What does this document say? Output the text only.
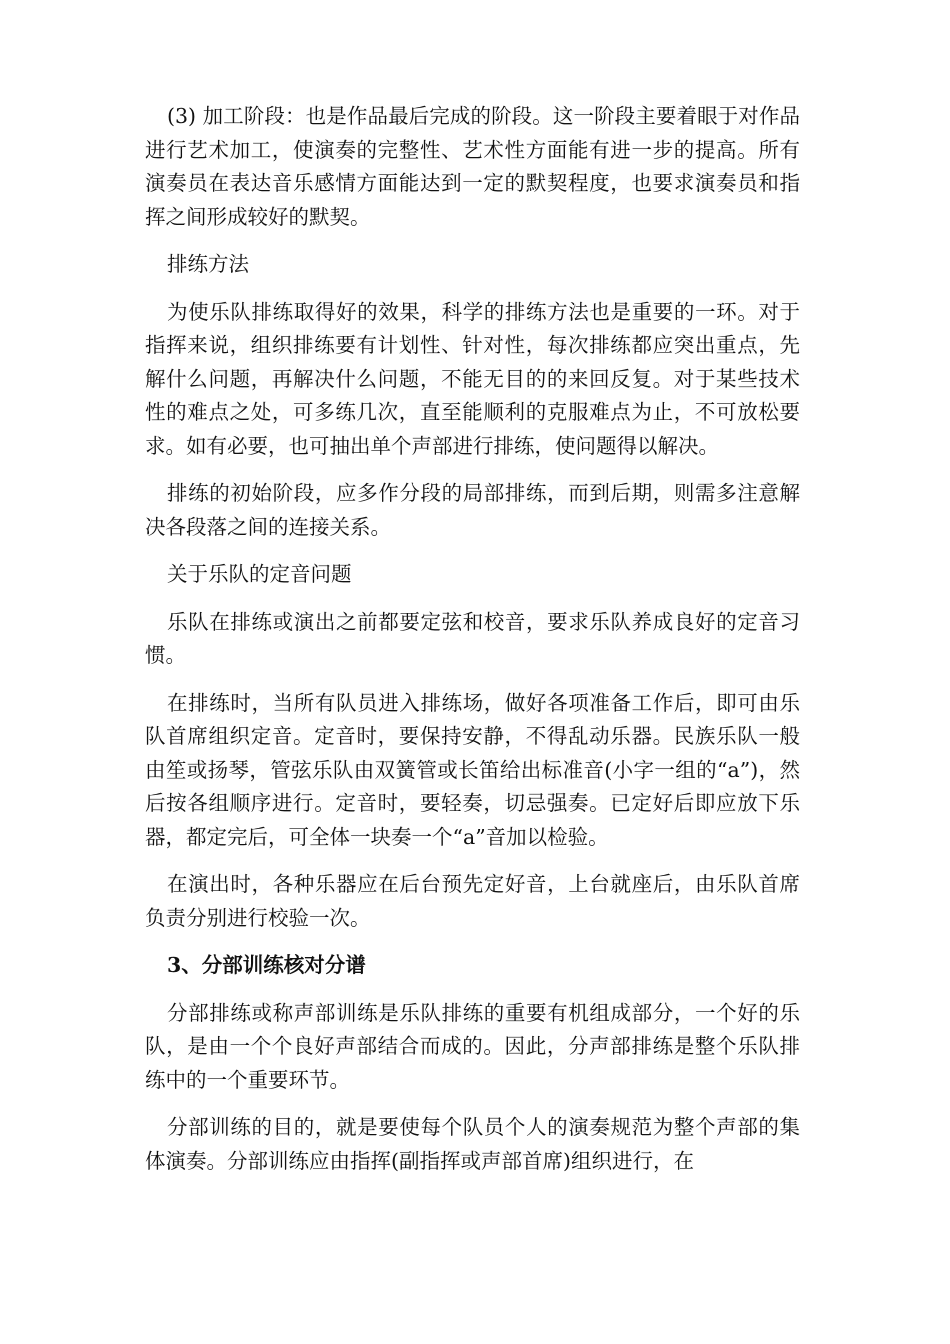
(3) 加工阶段：也是作品最后完成的阶段。这一阶段主要着眼于对作品进行艺术加工，使演奏的完整性、艺术性方面能有进一步的提高。所有演奏员在表达音乐感情方面能达到一定的默契程度，也要求演奏员和指挥之间形成较好的默契。

排练方法

为使乐队排练取得好的效果，科学的排练方法也是重要的一环。对于指挥来说，组织排练要有计划性、针对性，每次排练都应突出重点，先解什么问题，再解决什么问题，不能无目的的来回反复。对于某些技术性的难点之处，可多练几次，直至能顺利的克服难点为止，不可放松要求。如有必要，也可抽出单个声部进行排练，使问题得以解决。

排练的初始阶段，应多作分段的局部排练，而到后期，则需多注意解决各段落之间的连接关系。

关于乐队的定音问题

乐队在排练或演出之前都要定弦和校音，要求乐队养成良好的定音习惯。

在排练时，当所有队员进入排练场，做好各项准备工作后，即可由乐队首席组织定音。定音时，要保持安静，不得乱动乐器。民族乐队一般由笙或扬琴，管弦乐队由双簧管或长笛给出标准音(小字一组的“a”)，然后按各组顺序进行。定音时，要轻奏，切忌强奏。已定好后即应放下乐器，都定完后，可全体一块奏一个“a”音加以检验。

在演出时，各种乐器应在后台预先定好音，上台就座后，由乐队首席负责分别进行校验一次。

3、分部训练核对分谱

分部排练或称声部训练是乐队排练的重要有机组成部分，一个好的乐队，是由一个个良好声部结合而成的。因此，分声部排练是整个乐队排练中的一个重要环节。

分部训练的目的，就是要使每个队员个人的演奏规范为整个声部的集体演奏。分部训练应由指挥(副指挥或声部首席)组织进行，在
